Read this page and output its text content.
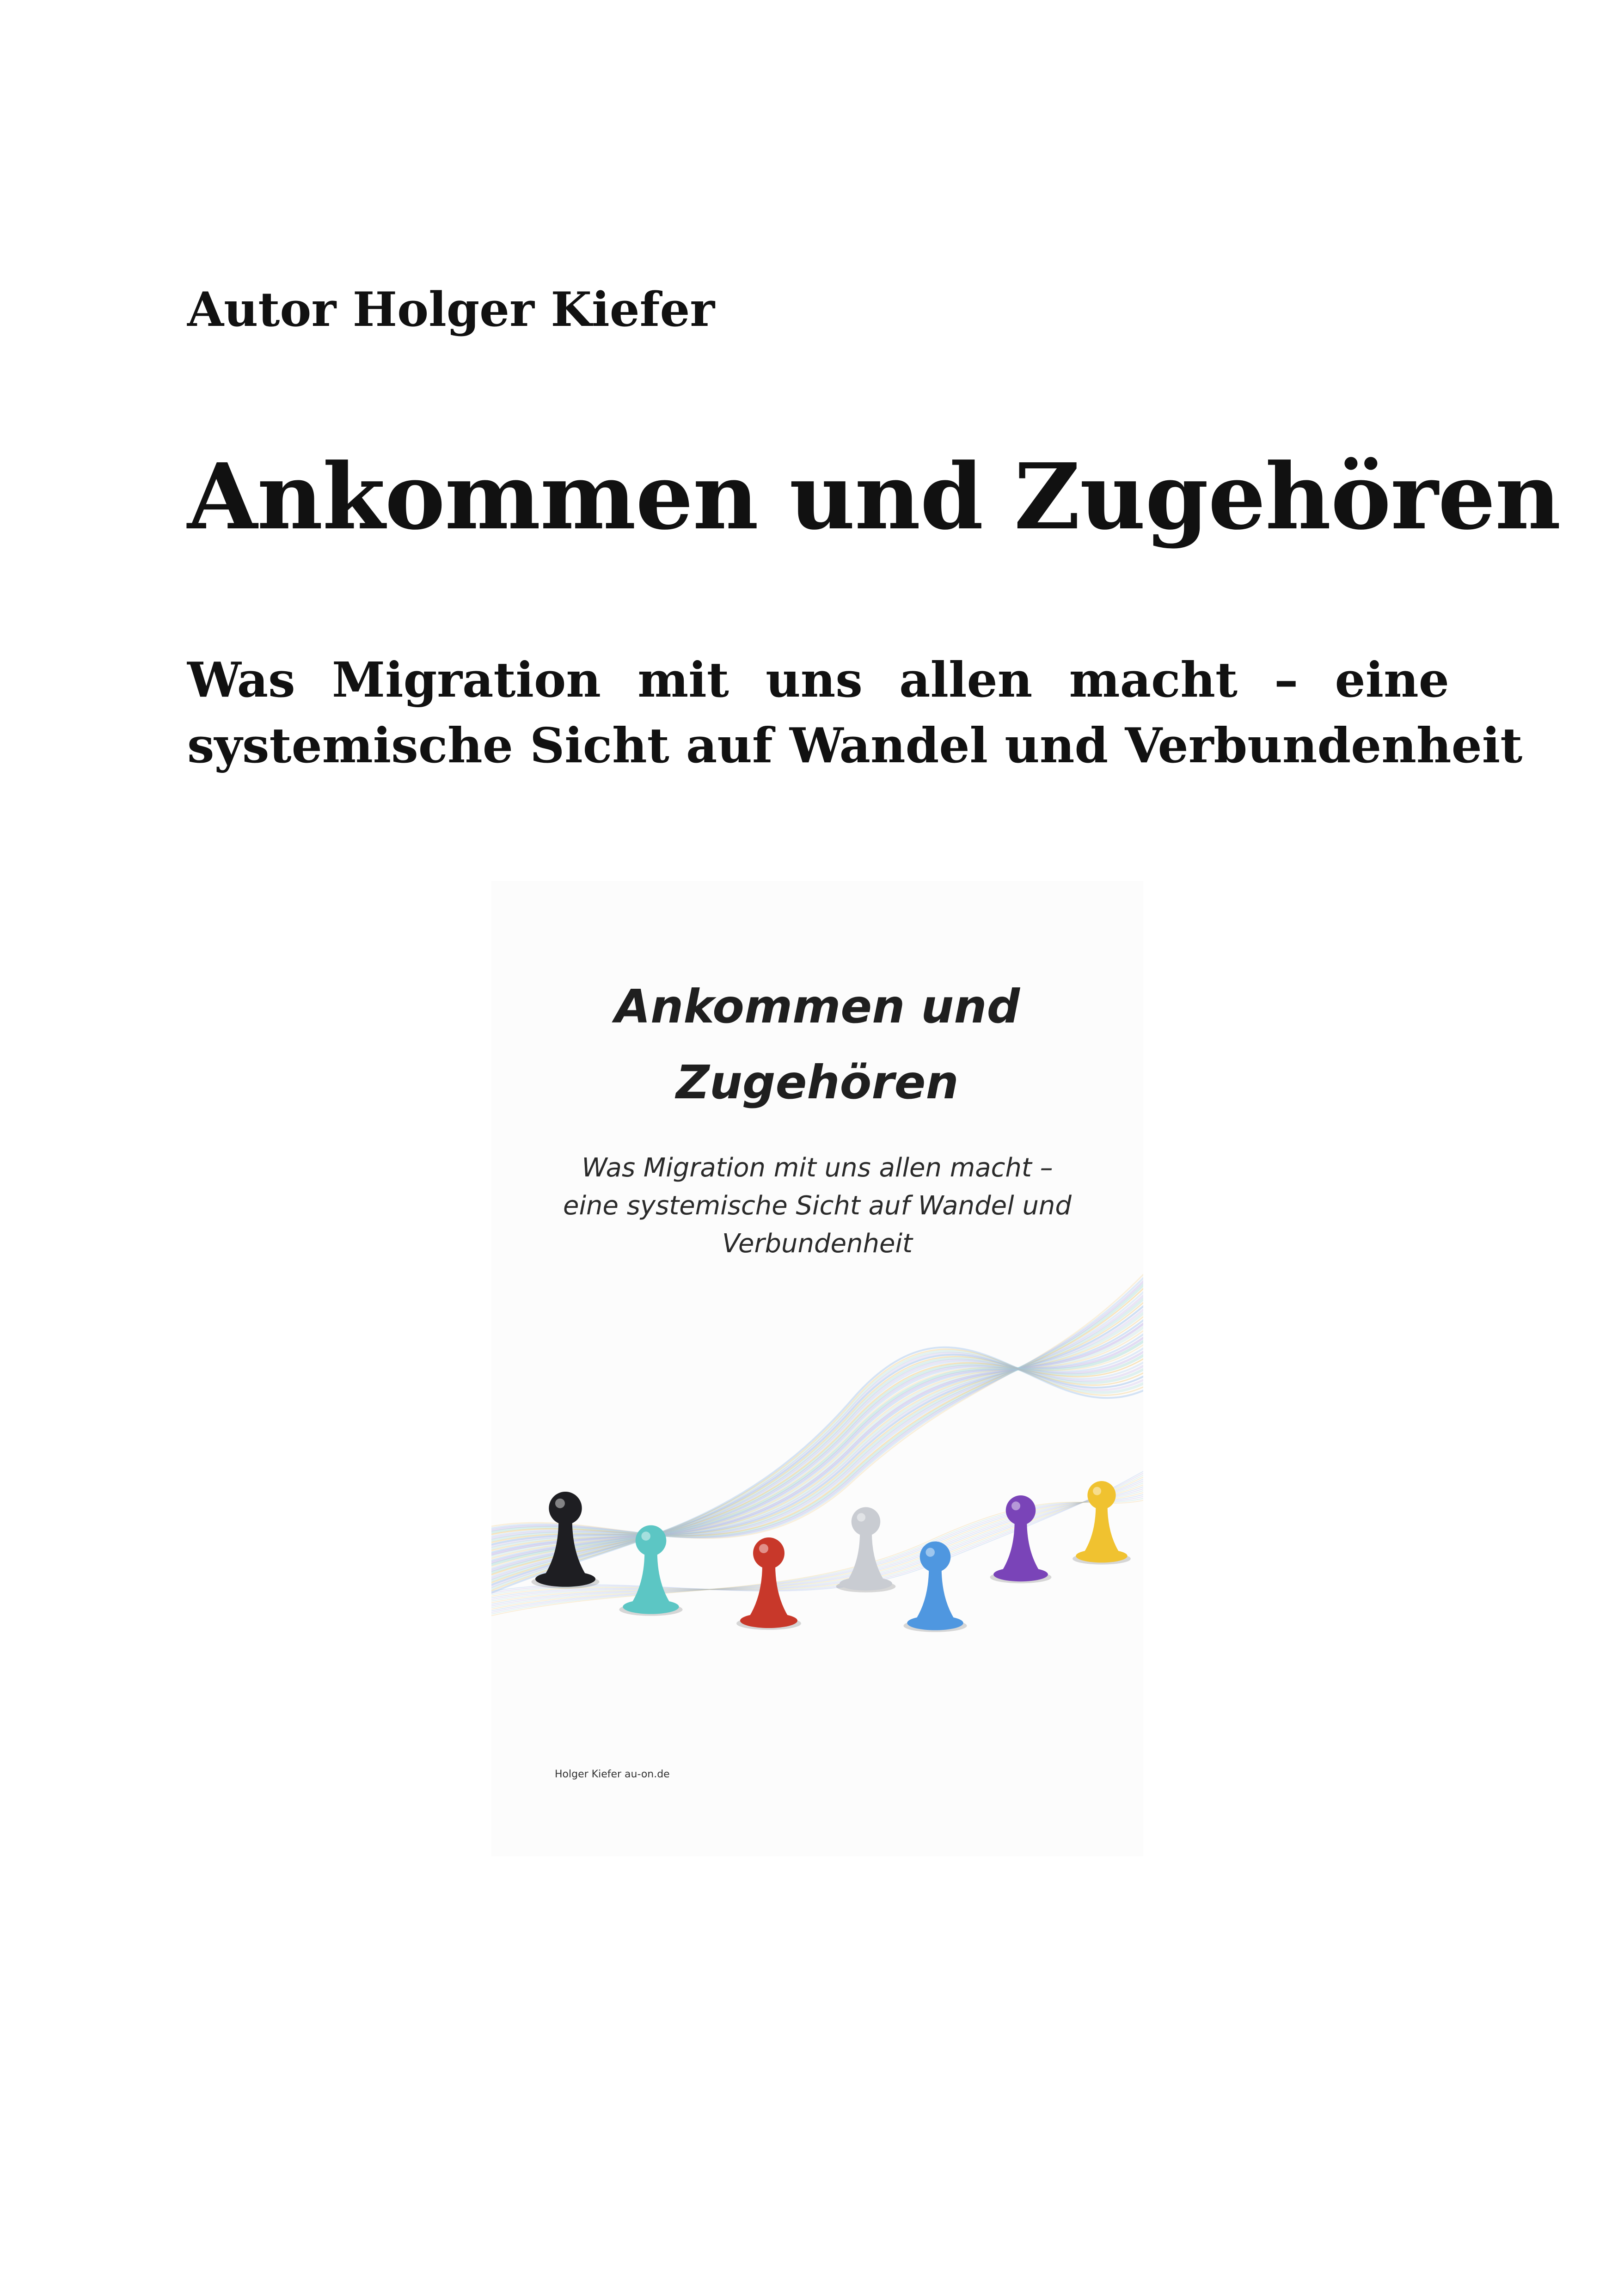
Autor Holger Kiefer

Ankommen und Zugehören
Was Migration mit uns allen macht – eine
systemische Sicht auf Wandel und Verbundenheit
Ankommen und
Zugehören
Was Migration mit uns allen macht –
eine systemische Sicht auf Wandel und
Verbundenheit
Holger Kiefer au-on.de
